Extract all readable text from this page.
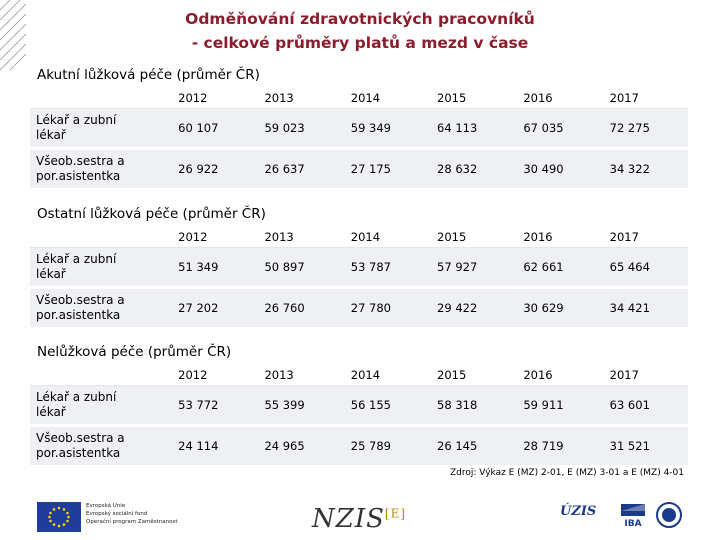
Odměňování zdravotnických pracovníků
- celkové průměry platů a mezd v čase
Akutní lůžková péče (průměr ČR)
	2012	2013	2014	2015	2016	2017
Lékař a zubní
lékař	60 107	59 023	59 349	64 113	67 035	72 275
Všeob.sestra a
por.asistentka	26 922	26 637	27 175	28 632	30 490	34 322
Ostatní lůžková péče (průměr ČR)
	2012	2013	2014	2015	2016	2017
Lékař a zubní
lékař	51 349	50 897	53 787	57 927	62 661	65 464
Všeob.sestra a
por.asistentka	27 202	26 760	27 780	29 422	30 629	34 421
Nelůžková péče (průměr ČR)
	2012	2013	2014	2015	2016	2017
Lékař a zubní
lékař	53 772	55 399	56 155	58 318	59 911	63 601
Všeob.sestra a
por.asistentka	24 114	24 965	25 789	26 145	28 719	31 521
Zdroj: Výkaz E (MZ) 2-01, E (MZ) 3-01 a E (MZ) 4-01
Evropská Unie
Evropský sociální fond
Operační program Zaměstnanost	NZIS[E]	ÚZIS
IBA
